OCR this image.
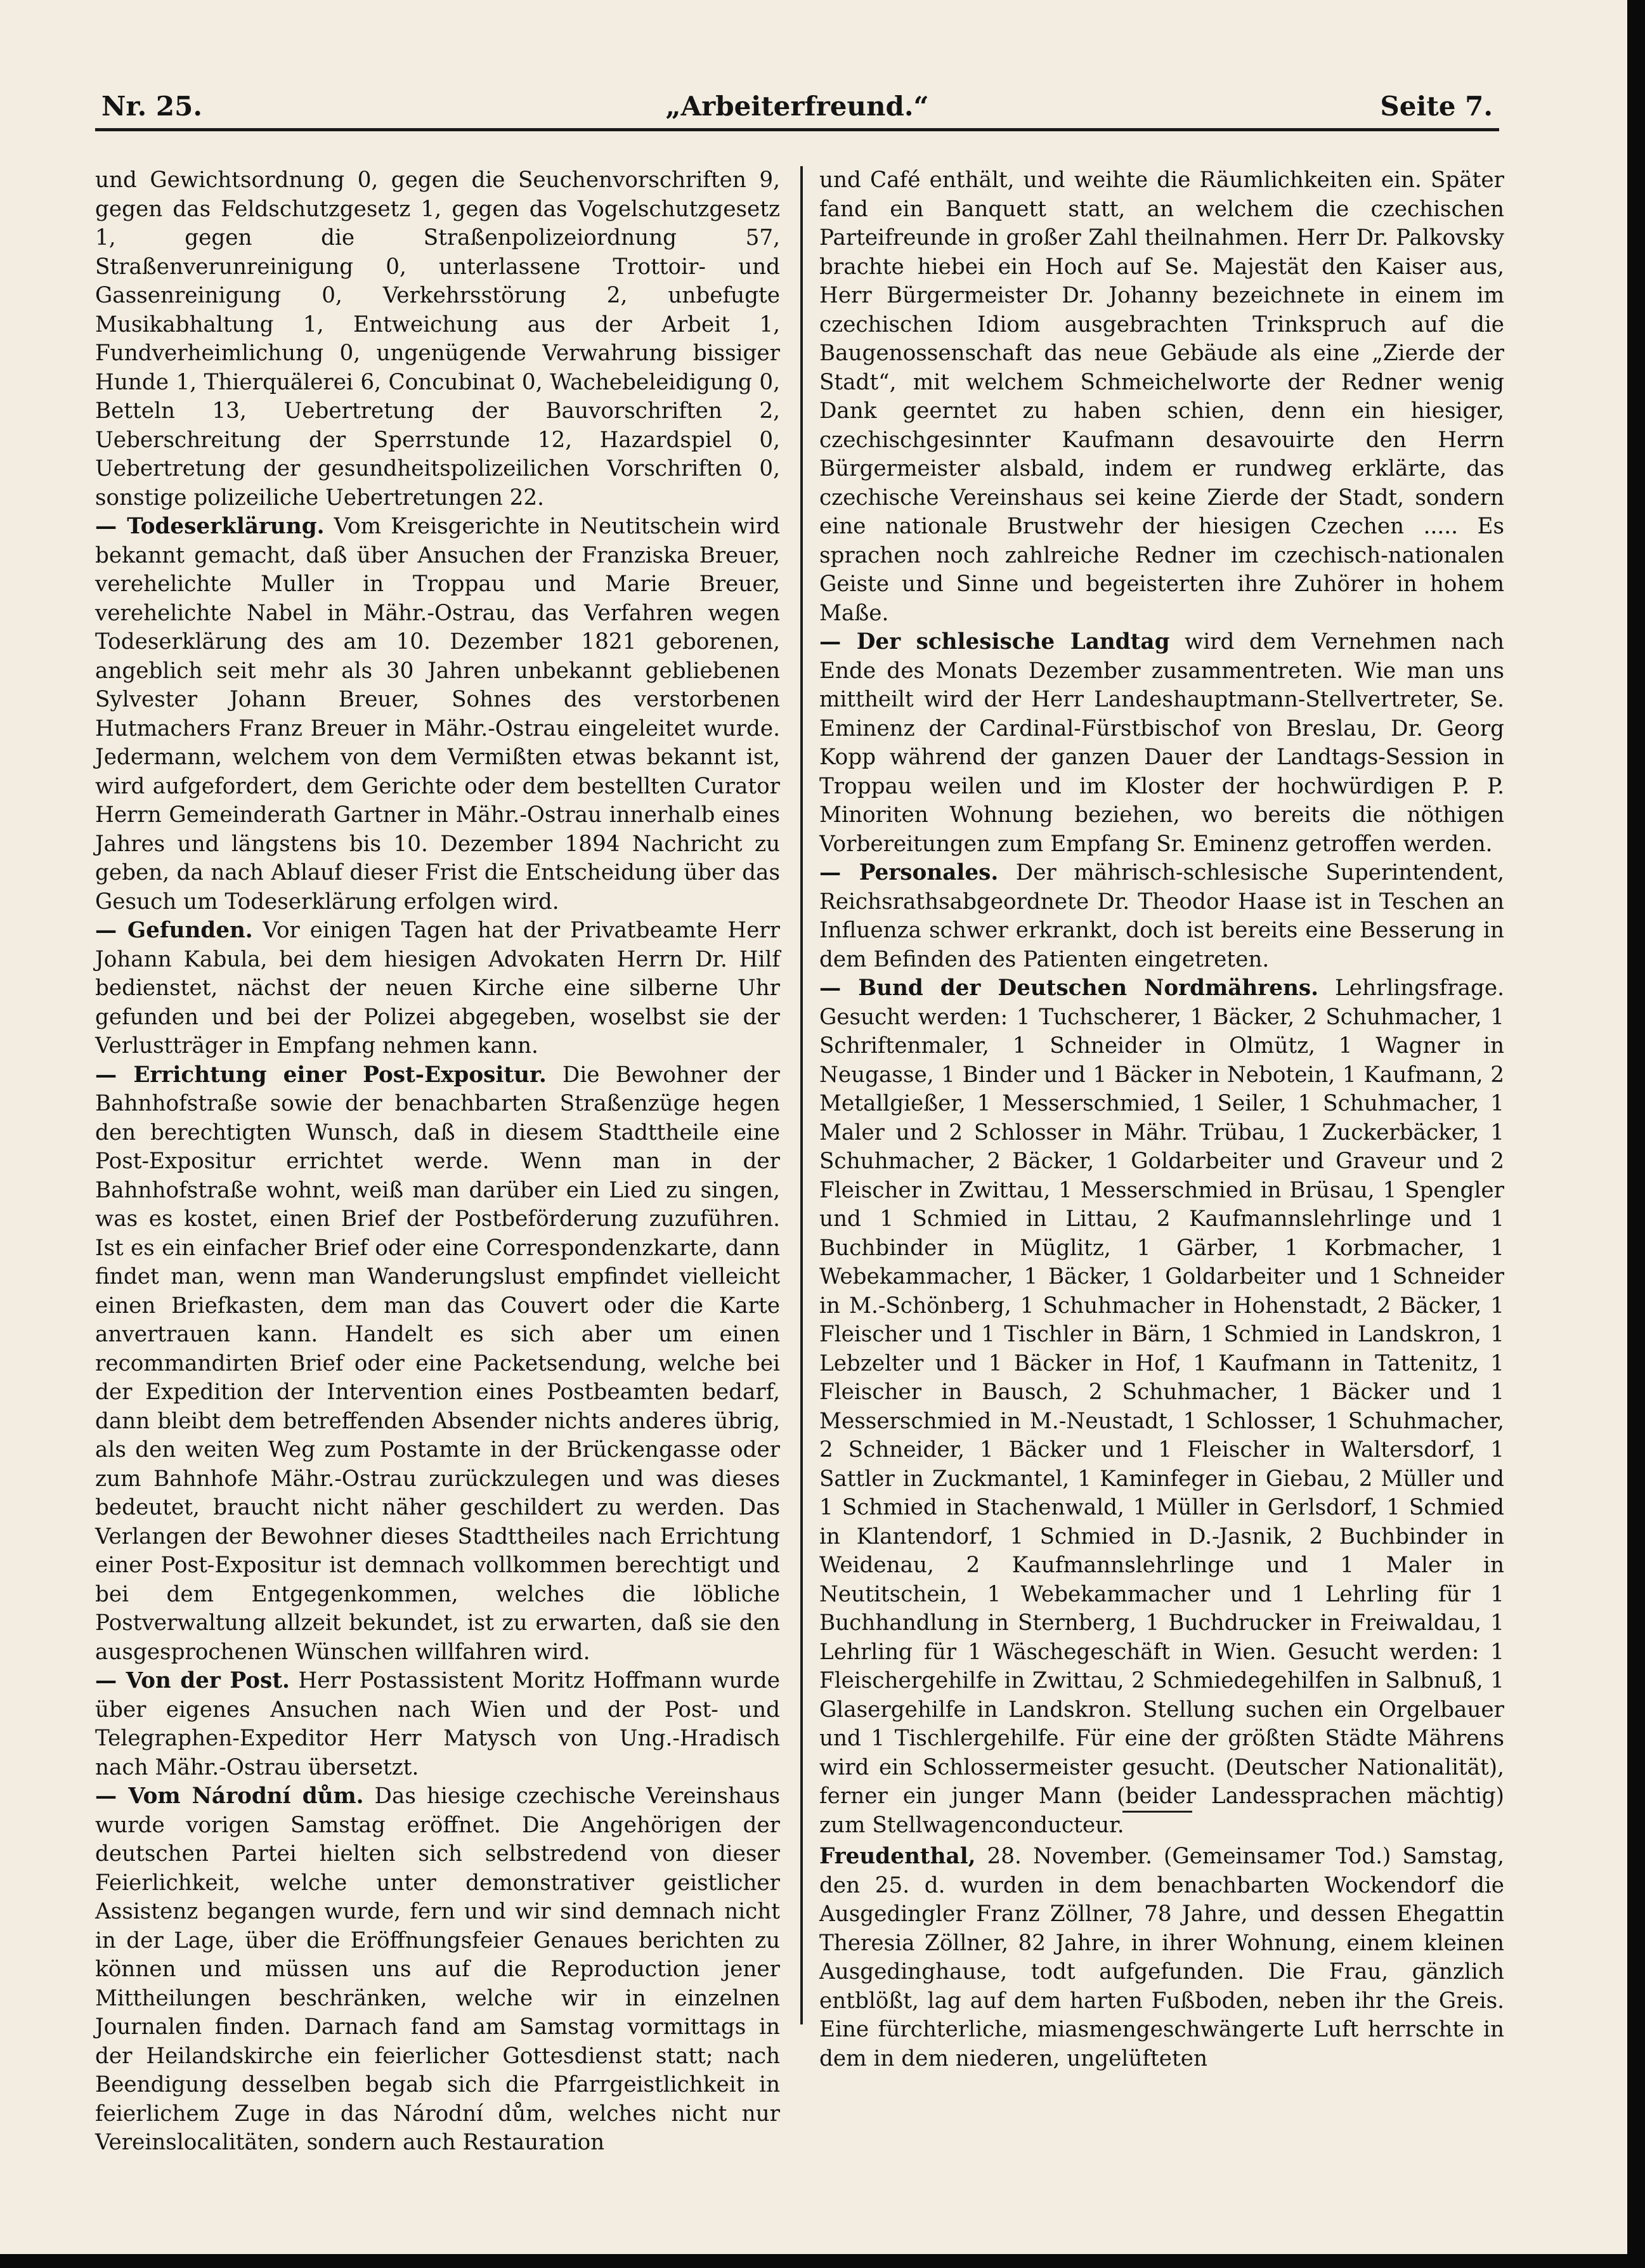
Nr. 25.	„Arbeiterfreund.“	Seite 7.

und Gewichtsordnung 0, gegen die Seuchenvorschriften 9, gegen das Feldschutzgesetz 1, gegen das Vogelschutzgesetz 1, gegen die Straßenpolizeiordnung 57, Straßenverunreinigung 0, unterlassene Trottoir- und Gassenreinigung 0, Verkehrsstörung 2, unbefugte Musikabhaltung 1, Entweichung aus der Arbeit 1, Fundverheimlichung 0, ungenügende Verwahrung bissiger Hunde 1, Thierquälerei 6, Concubinat 0, Wachebeleidigung 0, Betteln 13, Uebertretung der Bauvorschriften 2, Ueberschreitung der Sperrstunde 12, Hazardspiel 0, Uebertretung der gesundheitspolizeilichen Vorschriften 0, sonstige polizeiliche Uebertretungen 22.

— Todeserklärung. Vom Kreisgerichte in Neutitschein wird bekannt gemacht, daß über Ansuchen der Franziska Breuer, verehelichte Muller in Troppau und Marie Breuer, verehelichte Nabel in Mähr.-Ostrau, das Verfahren wegen Todeserklärung des am 10. Dezember 1821 geborenen, angeblich seit mehr als 30 Jahren unbekannt gebliebenen Sylvester Johann Breuer, Sohnes des verstorbenen Hutmachers Franz Breuer in Mähr.-Ostrau eingeleitet wurde. Jedermann, welchem von dem Vermißten etwas bekannt ist, wird aufgefordert, dem Gerichte oder dem bestellten Curator Herrn Gemeinderath Gartner in Mähr.-Ostrau innerhalb eines Jahres und längstens bis 10. Dezember 1894 Nachricht zu geben, da nach Ablauf dieser Frist die Entscheidung über das Gesuch um Todeserklärung erfolgen wird.

— Gefunden. Vor einigen Tagen hat der Privatbeamte Herr Johann Kabula, bei dem hiesigen Advokaten Herrn Dr. Hilf bedienstet, nächst der neuen Kirche eine silberne Uhr gefunden und bei der Polizei abgegeben, woselbst sie der Verlustträger in Empfang nehmen kann.

— Errichtung einer Post-Expositur. Die Bewohner der Bahnhofstraße sowie der benachbarten Straßenzüge hegen den berechtigten Wunsch, daß in diesem Stadttheile eine Post-Expositur errichtet werde. Wenn man in der Bahnhofstraße wohnt, weiß man darüber ein Lied zu singen, was es kostet, einen Brief der Postbeförderung zuzuführen. Ist es ein einfacher Brief oder eine Correspondenzkarte, dann findet man, wenn man Wanderungslust empfindet vielleicht einen Briefkasten, dem man das Couvert oder die Karte anvertrauen kann. Handelt es sich aber um einen recommandirten Brief oder eine Packetsendung, welche bei der Expedition der Intervention eines Postbeamten bedarf, dann bleibt dem betreffenden Absender nichts anderes übrig, als den weiten Weg zum Postamte in der Brückengasse oder zum Bahnhofe Mähr.-Ostrau zurückzulegen und was dieses bedeutet, braucht nicht näher geschildert zu werden. Das Verlangen der Bewohner dieses Stadttheiles nach Errichtung einer Post-Expositur ist demnach vollkommen berechtigt und bei dem Entgegenkommen, welches die löbliche Postverwaltung allzeit bekundet, ist zu erwarten, daß sie den ausgesprochenen Wünschen willfahren wird.

— Von der Post. Herr Postassistent Moritz Hoffmann wurde über eigenes Ansuchen nach Wien und der Post- und Telegraphen-Expeditor Herr Matysch von Ung.-Hradisch nach Mähr.-Ostrau übersetzt.

— Vom Národní dům. Das hiesige czechische Vereinshaus wurde vorigen Samstag eröffnet. Die Angehörigen der deutschen Partei hielten sich selbstredend von dieser Feierlichkeit, welche unter demonstrativer geistlicher Assistenz begangen wurde, fern und wir sind demnach nicht in der Lage, über die Eröffnungsfeier Genaues berichten zu können und müssen uns auf die Reproduction jener Mittheilungen beschränken, welche wir in einzelnen Journalen finden. Darnach fand am Samstag vormittags in der Heilandskirche ein feierlicher Gottesdienst statt; nach Beendigung desselben begab sich die Pfarrgeistlichkeit in feierlichem Zuge in das Národní dům, welches nicht nur Vereinslocalitäten, sondern auch Restauration

und Café enthält, und weihte die Räumlichkeiten ein. Später fand ein Banquett statt, an welchem die czechischen Parteifreunde in großer Zahl theilnahmen. Herr Dr. Palkovsky brachte hiebei ein Hoch auf Se. Majestät den Kaiser aus, Herr Bürgermeister Dr. Johanny bezeichnete in einem im czechischen Idiom ausgebrachten Trinkspruch auf die Baugenossenschaft das neue Gebäude als eine „Zierde der Stadt“, mit welchem Schmeichelworte der Redner wenig Dank geerntet zu haben schien, denn ein hiesiger, czechischgesinnter Kaufmann desavouirte den Herrn Bürgermeister alsbald, indem er rundweg erklärte, das czechische Vereinshaus sei keine Zierde der Stadt, sondern eine nationale Brustwehr der hiesigen Czechen ..... Es sprachen noch zahlreiche Redner im czechisch-nationalen Geiste und Sinne und begeisterten ihre Zuhörer in hohem Maße.

— Der schlesische Landtag wird dem Vernehmen nach Ende des Monats Dezember zusammentreten. Wie man uns mittheilt wird der Herr Landeshauptmann-Stellvertreter, Se. Eminenz der Cardinal-Fürstbischof von Breslau, Dr. Georg Kopp während der ganzen Dauer der Landtags-Session in Troppau weilen und im Kloster der hochwürdigen P. P. Minoriten Wohnung beziehen, wo bereits die nöthigen Vorbereitungen zum Empfang Sr. Eminenz getroffen werden.

— Personales. Der mährisch-schlesische Superintendent, Reichsrathsabgeordnete Dr. Theodor Haase ist in Teschen an Influenza schwer erkrankt, doch ist bereits eine Besserung in dem Befinden des Patienten eingetreten.

— Bund der Deutschen Nordmährens. Lehrlingsfrage. Gesucht werden: 1 Tuchscherer, 1 Bäcker, 2 Schuhmacher, 1 Schriftenmaler, 1 Schneider in Olmütz, 1 Wagner in Neugasse, 1 Binder und 1 Bäcker in Nebotein, 1 Kaufmann, 2 Metallgießer, 1 Messerschmied, 1 Seiler, 1 Schuhmacher, 1 Maler und 2 Schlosser in Mähr. Trübau, 1 Zuckerbäcker, 1 Schuhmacher, 2 Bäcker, 1 Goldarbeiter und Graveur und 2 Fleischer in Zwittau, 1 Messerschmied in Brüsau, 1 Spengler und 1 Schmied in Littau, 2 Kaufmannslehrlinge und 1 Buchbinder in Müglitz, 1 Gärber, 1 Korbmacher, 1 Webekammacher, 1 Bäcker, 1 Goldarbeiter und 1 Schneider in M.-Schönberg, 1 Schuhmacher in Hohenstadt, 2 Bäcker, 1 Fleischer und 1 Tischler in Bärn, 1 Schmied in Landskron, 1 Lebzelter und 1 Bäcker in Hof, 1 Kaufmann in Tattenitz, 1 Fleischer in Bausch, 2 Schuhmacher, 1 Bäcker und 1 Messerschmied in M.-Neustadt, 1 Schlosser, 1 Schuhmacher, 2 Schneider, 1 Bäcker und 1 Fleischer in Waltersdorf, 1 Sattler in Zuckmantel, 1 Kaminfeger in Giebau, 2 Müller und 1 Schmied in Stachenwald, 1 Müller in Gerlsdorf, 1 Schmied in Klantendorf, 1 Schmied in D.-Jasnik, 2 Buchbinder in Weidenau, 2 Kaufmannslehrlinge und 1 Maler in Neutitschein, 1 Webekammacher und 1 Lehrling für 1 Buchhandlung in Sternberg, 1 Buchdrucker in Freiwaldau, 1 Lehrling für 1 Wäschegeschäft in Wien. Gesucht werden: 1 Fleischergehilfe in Zwittau, 2 Schmiedegehilfen in Salbnuß, 1 Glasergehilfe in Landskron. Stellung suchen ein Orgelbauer und 1 Tischlergehilfe. Für eine der größten Städte Mährens wird ein Schlossermeister gesucht. (Deutscher Nationalität), ferner ein junger Mann (beider Landessprachen mächtig) zum Stellwagenconducteur.

Freudenthal, 28. November. (Gemeinsamer Tod.) Samstag, den 25. d. wurden in dem benachbarten Wockendorf die Ausgedingler Franz Zöllner, 78 Jahre, und dessen Ehegattin Theresia Zöllner, 82 Jahre, in ihrer Wohnung, einem kleinen Ausgedinghause, todt aufgefunden. Die Frau, gänzlich entblößt, lag auf dem harten Fußboden, neben ihr the Greis. Eine fürchterliche, miasmengeschwängerte Luft herrschte in dem in dem niederen, ungelüfteten
